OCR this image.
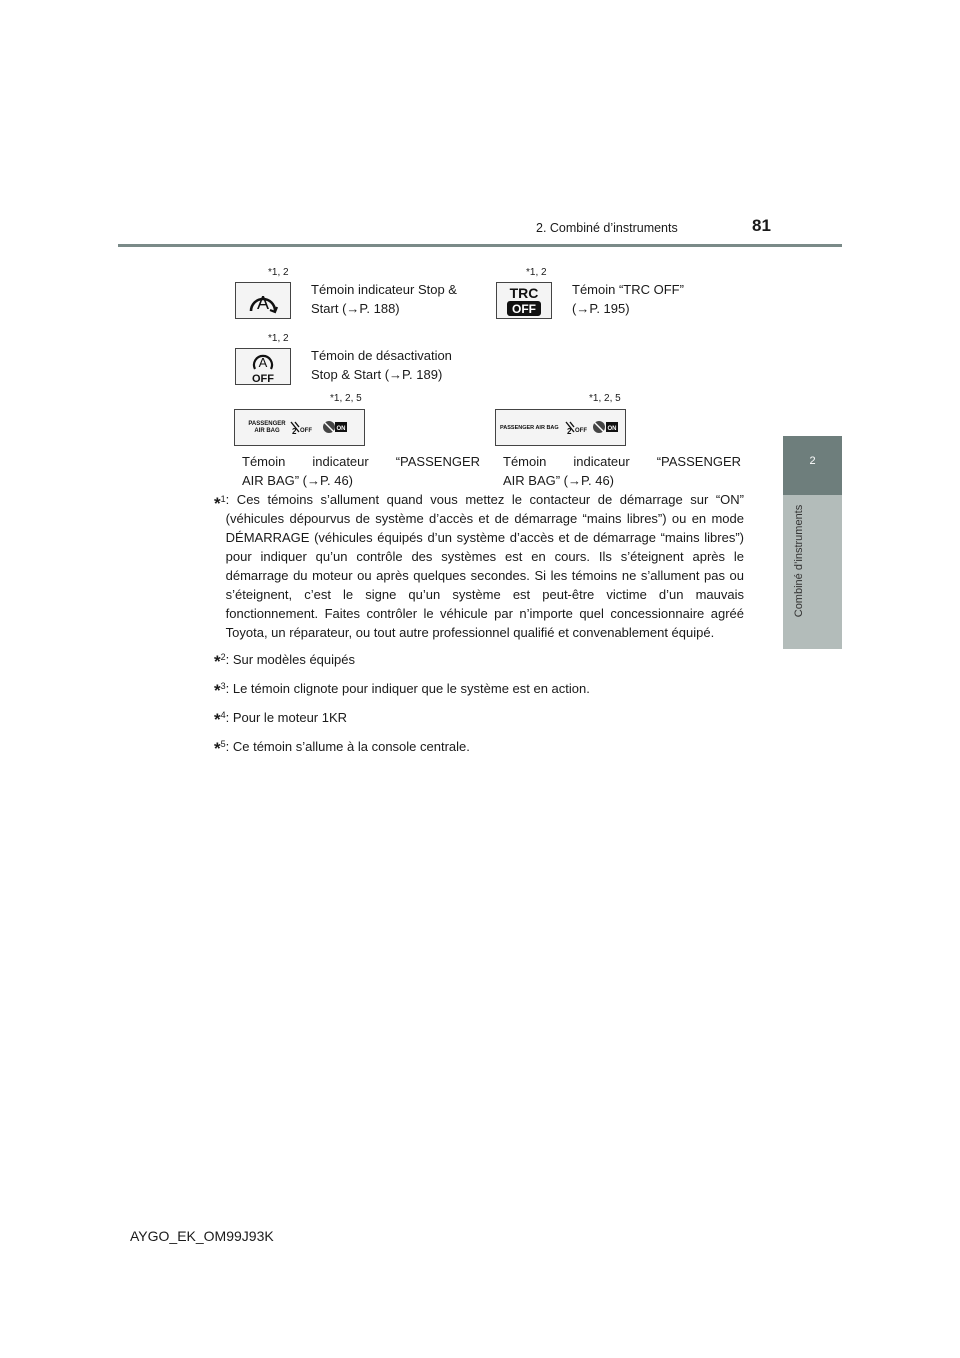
2. Combiné d’instruments	81
2
Combiné d’instruments
*1, 2
A
Témoin indicateur Stop &
Start (→P. 188)
*1, 2
TRC
OFF
Témoin “TRC OFF”
(→P. 195)
*1, 2
A
OFF
Témoin de désactivation
Stop & Start (→P. 189)
*1, 2, 5
PASSENGER
AIR BAG 2 OFF	ON
Témoin indicateur “PASSENGER
AIR BAG” (→P. 46)
*1, 2, 5
PASSENGER AIR BAG 2 OFF	ON
Témoin indicateur “PASSENGER
AIR BAG” (→P. 46)
*$^1$ : Ces témoins s’allument quand vous mettez le contacteur de démarrage sur “ON” (véhicules dépourvus de système d’accès et de démarrage “mains libres”) ou en mode DÉMARRAGE (véhicules équipés d’un système d’accès et de démarrage “mains libres”) pour indiquer qu’un contrôle des systèmes est en cours. Ils s’éteignent après le démarrage du moteur ou après quelques secondes. Si les témoins ne s’allument pas ou s’éteignent, c’est le signe qu’un système est peut-être victime d’un mauvais fonctionnement. Faites contrôler le véhicule par n’importe quel concessionnaire agréé Toyota, un réparateur, ou tout autre professionnel qualifié et convenablement équipé.
*$^2$: Sur modèles équipés
*$^3$: Le témoin clignote pour indiquer que le système est en action.
*$^4$: Pour le moteur 1KR
*$^5$: Ce témoin s’allume à la console centrale.
AYGO_EK_OM99J93K
